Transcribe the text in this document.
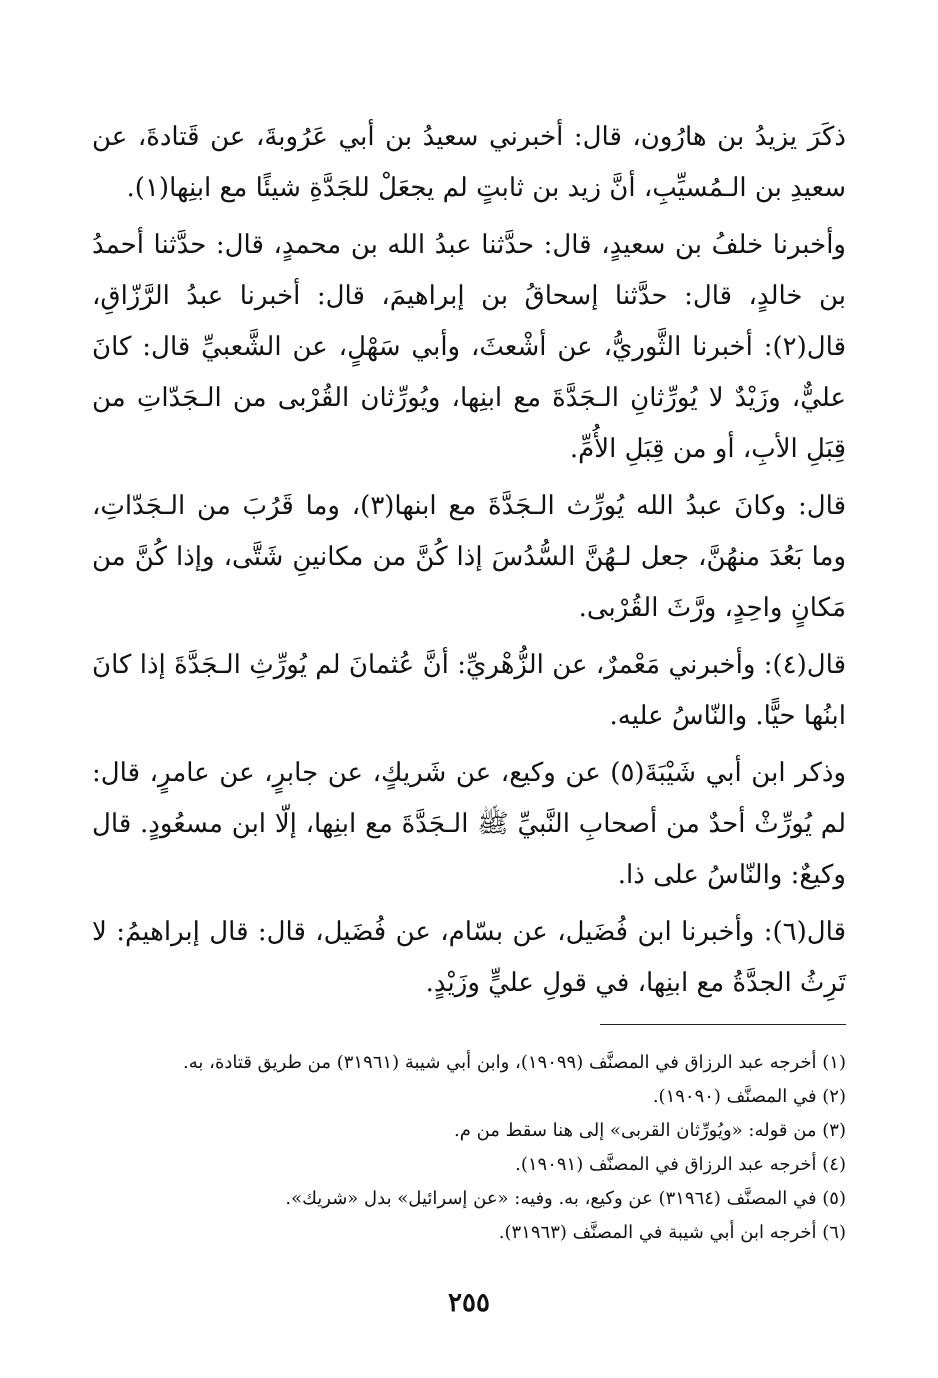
ذكَرَ يزيدُ بن هارُون، قال: أخبرني سعيدُ بن أبي عَرُوبةَ، عن قَتادةَ، عن سعيدِ بن الـمُسيِّبِ، أنَّ زيد بن ثابتٍ لم يجعَلْ للجَدَّةِ شيئًا مع ابنِها(١).

وأخبرنا خلفُ بن سعيدٍ، قال: حدَّثنا عبدُ الله بن محمدٍ، قال: حدَّثنا أحمدُ بن خالدٍ، قال: حدَّثنا إسحاقُ بن إبراهيمَ، قال: أخبرنا عبدُ الرَّزّاقِ، قال(٢): أخبرنا الثَّوريُّ، عن أشْعثَ، وأبي سَهْلٍ، عن الشَّعبيِّ قال: كانَ عليٌّ، وزَيْدٌ لا يُورِّثانِ الـجَدَّةَ مع ابنِها، ويُورِّثان القُرْبى من الـجَدّاتِ من قِبَلِ الأبِ، أو من قِبَلِ الأُمِّ.

قال: وكانَ عبدُ الله يُورِّث الـجَدَّةَ مع ابنها(٣)، وما قَرُبَ من الـجَدّاتِ، وما بَعُدَ منهُنَّ، جعل لـهُنَّ السُّدُسَ إذا كُنَّ من مكانينِ شَتَّى، وإذا كُنَّ من مَكانٍ واحِدٍ، ورَّثَ القُرْبى.

قال(٤): وأخبرني مَعْمرٌ، عن الزُّهْريِّ: أنَّ عُثمانَ لم يُورِّثِ الـجَدَّةَ إذا كانَ ابنُها حيًّا. والنّاسُ عليه.

وذكر ابن أبي شَيْبَةَ(٥) عن وكيع، عن شَريكٍ، عن جابرٍ، عن عامرٍ، قال: لم يُورِّثْ أحدٌ من أصحابِ النَّبيِّ ﷺ الـجَدَّةَ مع ابنِها، إلّا ابن مسعُودٍ. قال وكيعٌ: والنّاسُ على ذا.

قال(٦): وأخبرنا ابن فُضَيل، عن بسّام، عن فُضَيل، قال: قال إبراهيمُ: لا تَرِثُ الجدَّةُ مع ابنِها، في قولِ عليٍّ وزَيْدٍ.

(١) أخرجه عبد الرزاق في المصنَّف (١٩٠٩٩)، وابن أبي شيبة (٣١٩٦١) من طريق قتادة، به.

(٢) في المصنَّف (١٩٠٩٠).

(٣) من قوله: «ويُورِّثان القربى» إلى هنا سقط من م.

(٤) أخرجه عبد الرزاق في المصنَّف (١٩٠٩١).

(٥) في المصنَّف (٣١٩٦٤) عن وكيع، به. وفيه: «عن إسرائيل» بدل «شريك».

(٦) أخرجه ابن أبي شيبة في المصنَّف (٣١٩٦٣).

٢٥٥
